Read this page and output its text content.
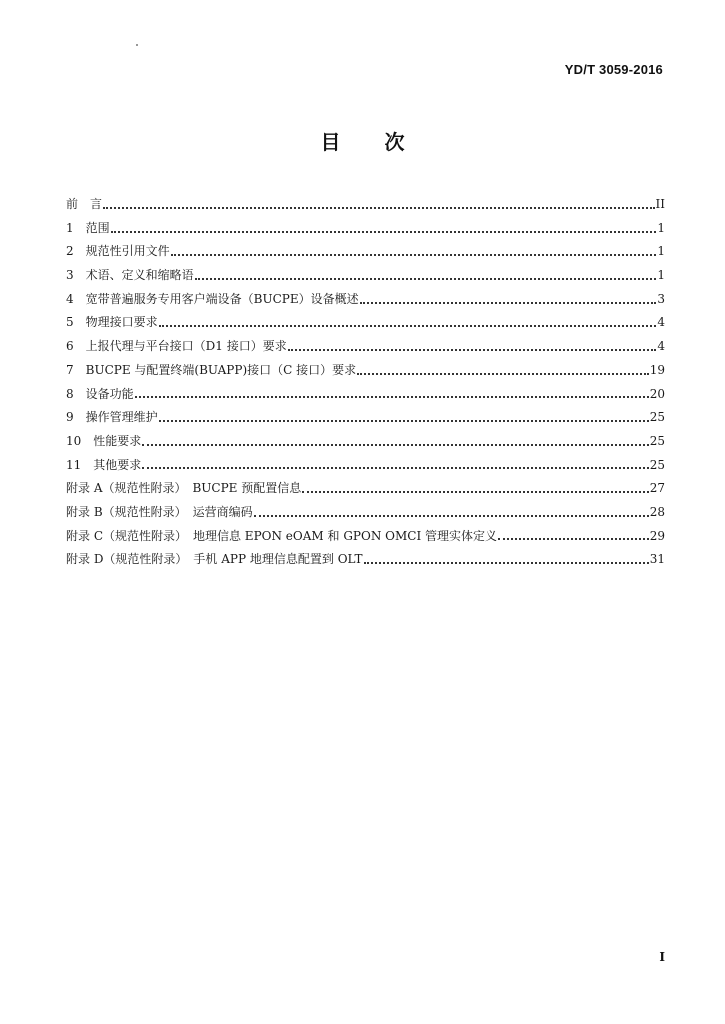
YD/T 3059-2016
目 次
前　言	II
1　范围	1
2　规范性引用文件	1
3　术语、定义和缩略语	1
4　宽带普遍服务专用客户端设备（BUCPE）设备概述	3
5　物理接口要求	4
6　上报代理与平台接口（D1 接口）要求	4
7　BUCPE 与配置终端(BUAPP)接口（C 接口）要求	19
8　设备功能	20
9　操作管理维护	25
10　性能要求	25
11　其他要求	25
附录 A（规范性附录）　BUCPE 预配置信息	27
附录 B（规范性附录）　运营商编码	28
附录 C（规范性附录）　地理信息 EPON eOAM 和 GPON OMCI 管理实体定义	29
附录 D（规范性附录）　手机 APP 地理信息配置到 OLT	31
I
